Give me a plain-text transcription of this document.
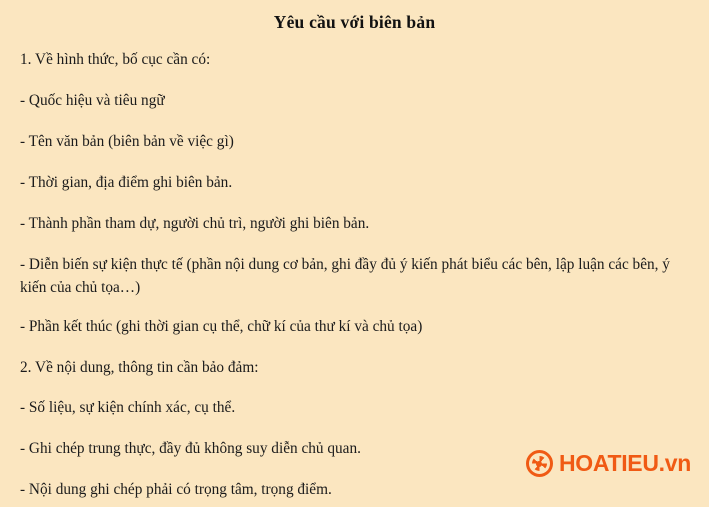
Yêu cầu với biên bản

1. Về hình thức, bố cục cần có:

- Quốc hiệu và tiêu ngữ

- Tên văn bản (biên bản về việc gì)

- Thời gian, địa điểm ghi biên bản.

- Thành phần tham dự, người chủ trì, người ghi biên bản.

- Diễn biến sự kiện thực tế (phần nội dung cơ bản, ghi đầy đủ ý kiến phát biểu các bên, lập luận các bên, ý kiến của chủ tọa…)

- Phần kết thúc (ghi thời gian cụ thể, chữ kí của thư kí và chủ tọa)

2. Về nội dung, thông tin cần bảo đảm:

- Số liệu, sự kiện chính xác, cụ thể.

- Ghi chép trung thực, đầy đủ không suy diễn chủ quan.

- Nội dung ghi chép phải có trọng tâm, trọng điểm.

HOATIEU.vn
